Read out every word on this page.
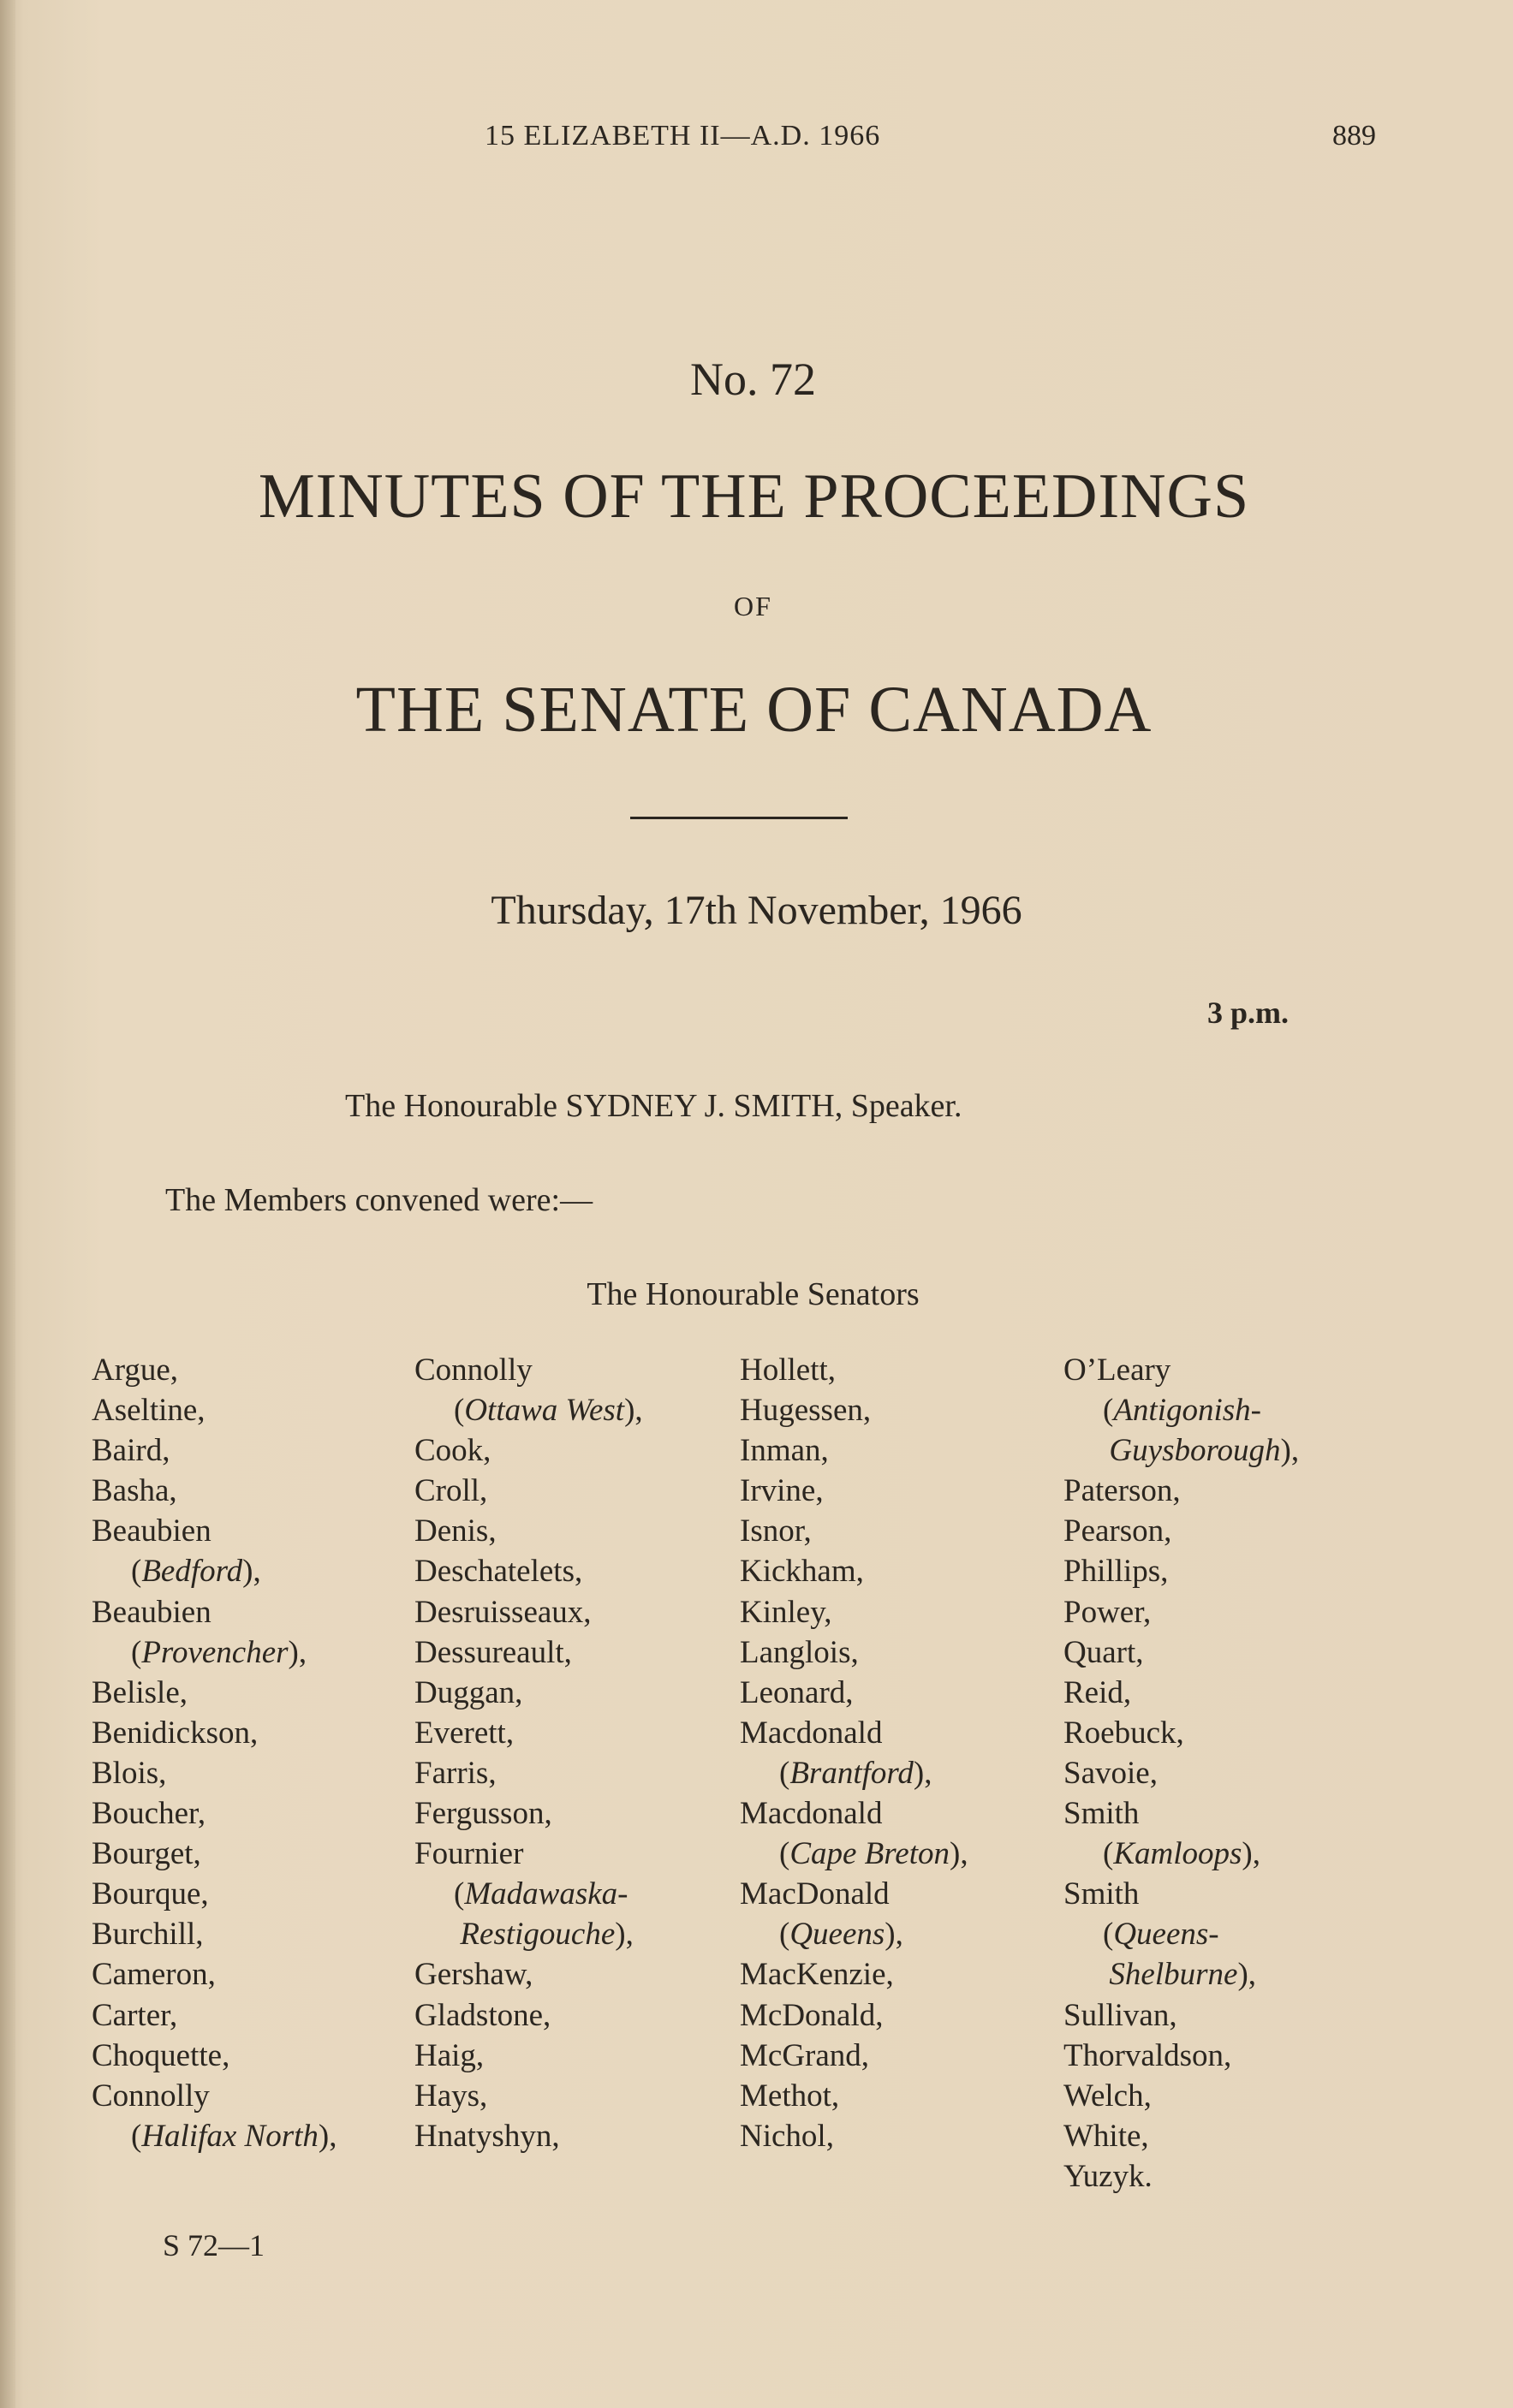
15 ELIZABETH II—A.D. 1966	889
No. 72
MINUTES OF THE PROCEEDINGS
OF
THE SENATE OF CANADA
Thursday, 17th November, 1966
3 p.m.
The Honourable SYDNEY J. SMITH, Speaker.
The Members convened were:—
The Honourable Senators
Argue,
Aseltine,
Baird,
Basha,
Beaubien
(Bedford),
Beaubien
(Provencher),
Belisle,
Benidickson,
Blois,
Boucher,
Bourget,
Bourque,
Burchill,
Cameron,
Carter,
Choquette,
Connolly
(Halifax North),
Connolly
(Ottawa West),
Cook,
Croll,
Denis,
Deschatelets,
Desruisseaux,
Dessureault,
Duggan,
Everett,
Farris,
Fergusson,
Fournier
(Madawaska-
 Restigouche),
Gershaw,
Gladstone,
Haig,
Hays,
Hnatyshyn,
Hollett,
Hugessen,
Inman,
Irvine,
Isnor,
Kickham,
Kinley,
Langlois,
Leonard,
Macdonald
(Brantford),
Macdonald
(Cape Breton),
MacDonald
(Queens),
MacKenzie,
McDonald,
McGrand,
Methot,
Nichol,
O’Leary
(Antigonish-
 Guysborough),
Paterson,
Pearson,
Phillips,
Power,
Quart,
Reid,
Roebuck,
Savoie,
Smith
(Kamloops),
Smith
(Queens-
 Shelburne),
Sullivan,
Thorvaldson,
Welch,
White,
Yuzyk.
S 72—1
